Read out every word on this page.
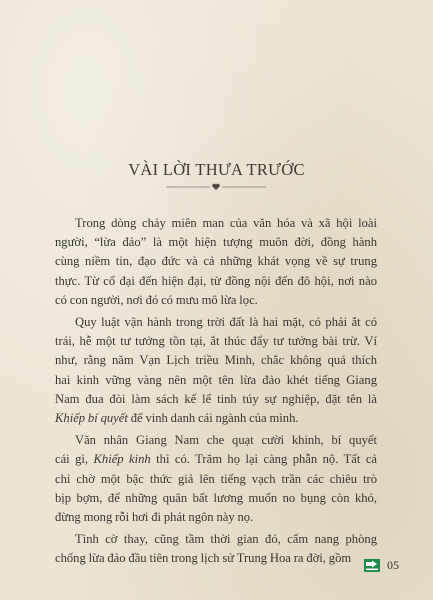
VÀI LỜI THƯA TRƯỚC

Trong dòng chảy miên man của văn hóa và xã hội loài
người, “lừa đảo” là một hiện tượng muôn đời, đồng hành
cùng niềm tin, đạo đức và cả những khát vọng về sự trung
thực. Từ cổ đại đến hiện đại, từ đồng nội đến đô hội, nơi nào
có con người, nơi đó có mưu mô lừa lọc.

Quy luật vận hành trong trời đất là hai mặt, có phải ắt có
trái, hễ một tư tưởng tồn tại, ắt thúc đẩy tư tưởng bài trừ. Ví
như, rằng năm Vạn Lịch triều Minh, chắc không quá thích
hai kinh vững vàng nên một tên lừa đảo khét tiếng Giang
Nam đua đòi làm sách kể lể tinh túy sự nghiệp, đặt tên là
Khiếp bí quyết để vinh danh cái ngành của mình.

Văn nhân Giang Nam che quạt cười khinh, bí quyết
cái gì, Khiếp kinh thì có. Trăm họ lại càng phẫn nộ. Tất cả
chỉ chờ một bậc thức giả lên tiếng vạch trần các chiêu trò
bịp bợm, để những quân bất lương muốn no bụng còn khó,
đừng mong rỗi hơi đi phát ngôn này nọ.

Tình cờ thay, cũng tầm thời gian đó, cẩm nang phòng
chống lừa đảo đầu tiên trong lịch sử Trung Hoa ra đời, gồm	05
